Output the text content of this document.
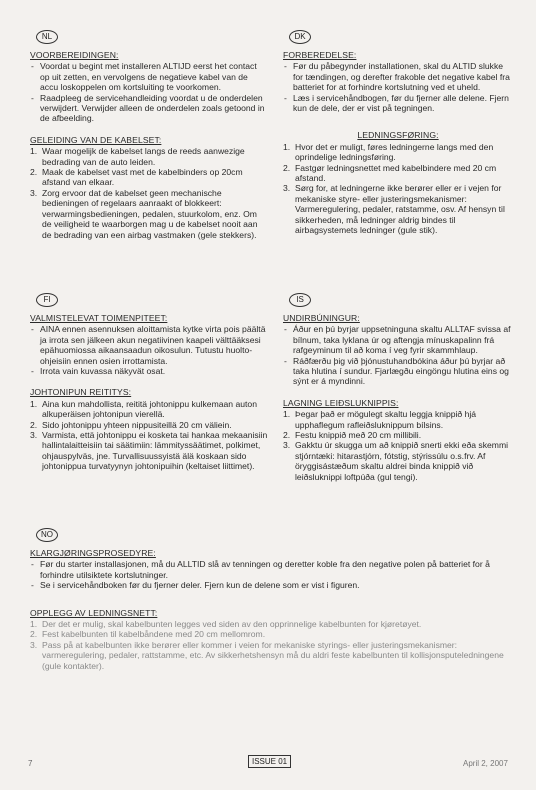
NL
VOORBEREIDINGEN:
- Voordat u begint met installeren ALTIJD eerst het contact op uit zetten, en vervolgens de negatieve kabel van de accu loskoppelen om kortsluiting te voorkomen.
- Raadpleeg de servicehandleiding voordat u de onderdelen verwijdert. Verwijder alleen de onderdelen zoals getoond in de afbeelding.
GELEIDING VAN DE KABELSET:
1. Waar mogelijk de kabelset langs de reeds aanwezige bedrading van de auto leiden.
2. Maak de kabelset vast met de kabelbinders op 20cm afstand van elkaar.
3. Zorg ervoor dat de kabelset geen mechanische bedieningen of regelaars aanraakt of blokkeert: verwarmingsbedieningen, pedalen, stuurkolom, enz. Om de veiligheid te waarborgen mag u de kabelset nooit aan de bedrading van een airbag vastmaken (gele stekkers).
FI
VALMISTELEVAT TOIMENPITEET:
- AINA ennen asennuksen aloittamista kytke virta pois päältä ja irrota sen jälkeen akun negatiivinen kaapeli välttääksesi epähuomiossa aikaansaadun oikosulun. Tutustu huolto-ohjeisiin ennen osien irrottamista.
- Irrota vain kuvassa näkyvät osat.
JOHTONIPUN REITITYS:
1. Aina kun mahdollista, reititä johtonippu kulkemaan auton alkuperäisen johtonipun vierellä.
2. Sido johtonippu yhteen nippusiteillä 20 cm väliein.
3. Varmista, että johtonippu ei kosketa tai hankaa mekaanisiin hallintalaitteisiin tai säätimiin: lämmityssäätimet, polkimet, ohjauspylväs, jne. Turvallisuussyistä älä koskaan sido johtonippua turvatyynyn johtonipuihin (keltaiset liittimet).
DK
FORBEREDELSE:
- Før du påbegynder installationen, skal du ALTID slukke for tændingen, og derefter frakoble det negative kabel fra batteriet for at forhindre kortslutning ved et uheld.
- Læs i servicehåndbogen, før du fjerner alle delene. Fjern kun de dele, der er vist på tegningen.
LEDNINGSFØRING:
1. Hvor det er muligt, føres ledningerne langs med den oprindelige ledningsføring.
2. Fastgør ledningsnettet med kabelbindere med 20 cm afstand.
3. Sørg for, at ledningerne ikke berører eller er i vejen for mekaniske styre- eller justeringsmekanismer: Varmeregulering, pedaler, ratstamme, osv. Af hensyn til sikkerheden, må ledninger aldrig bindes til airbagsystemets ledninger (gule stik).
IS
UNDIRBÚNINGUR:
- Áður en þú byrjar uppsetninguna skaltu ALLTAF svissa af bílnum, taka lyklana úr og aftengja mínuskapalinn frá rafgeyminum til að koma í veg fyrir skammhlaup.
- Ráðfærðu þig við þjónustuhandbókina áður þú byrjar að taka hlutina í sundur. Fjarlægðu eingöngu hlutina eins og sýnt er á myndinni.
LAGNING LEIÐSLUKNIPPIS:
1. Þegar það er mögulegt skaltu leggja knippið hjá upphaflegum rafleiðsluknippum bílsins.
2. Festu knippið með 20 cm millibili.
3. Gakktu úr skugga um að knippið snerti ekki eða skemmi stjórntæki: hitarastjórn, fótstig, stýrissúlu o.s.frv. Af öryggisástæðum skaltu aldrei binda knippið við leiðsluknippi loftpúða (gul tengi).
NO
KLARGJØRINGSPROSEDYRE:
- Før du starter installasjonen, må du ALLTID slå av tenningen og deretter koble fra den negative polen på batteriet for å forhindre utilsiktete kortslutninger.
- Se i servicehåndboken før du fjerner deler. Fjern kun de delene som er vist i figuren.
OPPLEGG AV LEDNINGSNETT:
1. Der det er mulig, skal kabelbunten legges ved siden av den opprinnelige kabelbunten for kjøretøyet.
2. Fest kabelbunten til kabelbåndene med 20 cm mellomrom.
3. Pass på at kabelbunten ikke berører eller kommer i veien for mekaniske styrings- eller justeringsmekanismer: varmeregulering, pedaler, rattstamme, etc. Av sikkerhetshensyn må du aldri feste kabelbunten til kollisjonsputeledningene (gule kontakter).
7	ISSUE 01	April 2, 2007
